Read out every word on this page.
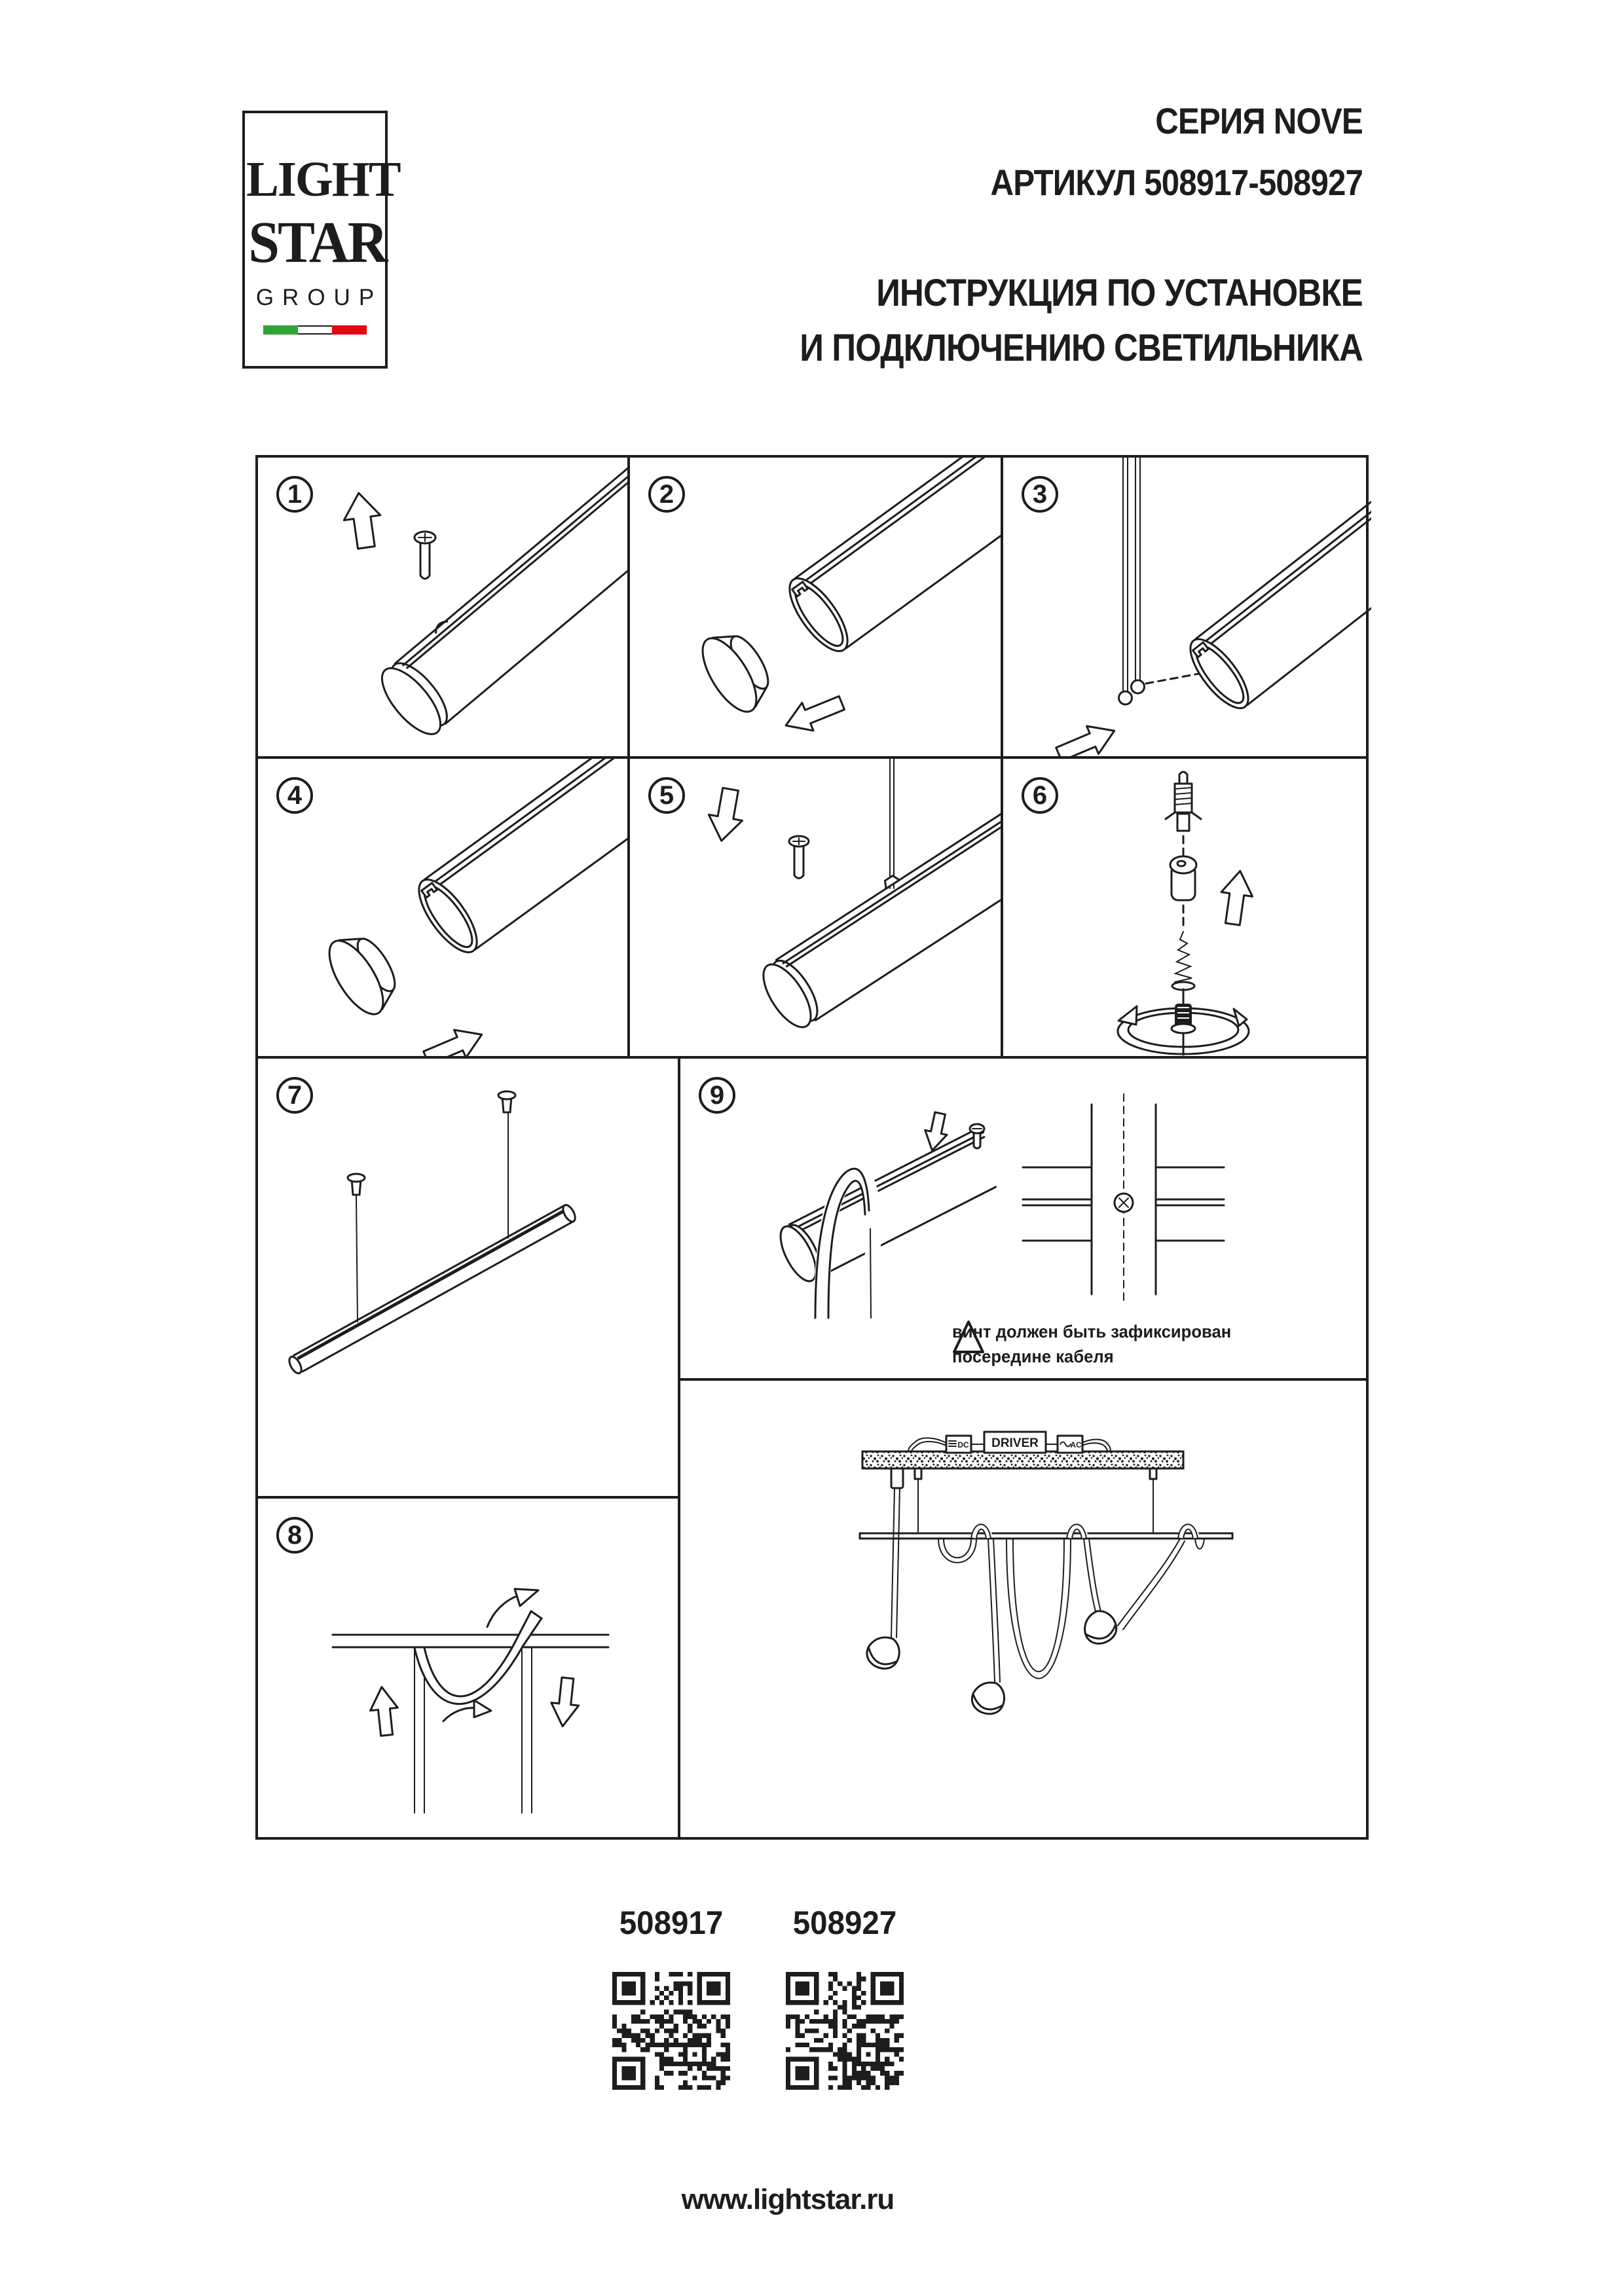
LIGHT
STAR
GROUP
СЕРИЯ NOVE
АРТИКУЛ 508917-508927
ИНСТРУКЦИЯ ПО УСТАНОВКЕ
И ПОДКЛЮЧЕНИЮ СВЕТИЛЬНИКА
1	2	3
4	5	6
7	9
винт должен быть зафиксирован
посередине кабеля
8
DRIVER
DC	AC
508917 508927
www.lightstar.ru
